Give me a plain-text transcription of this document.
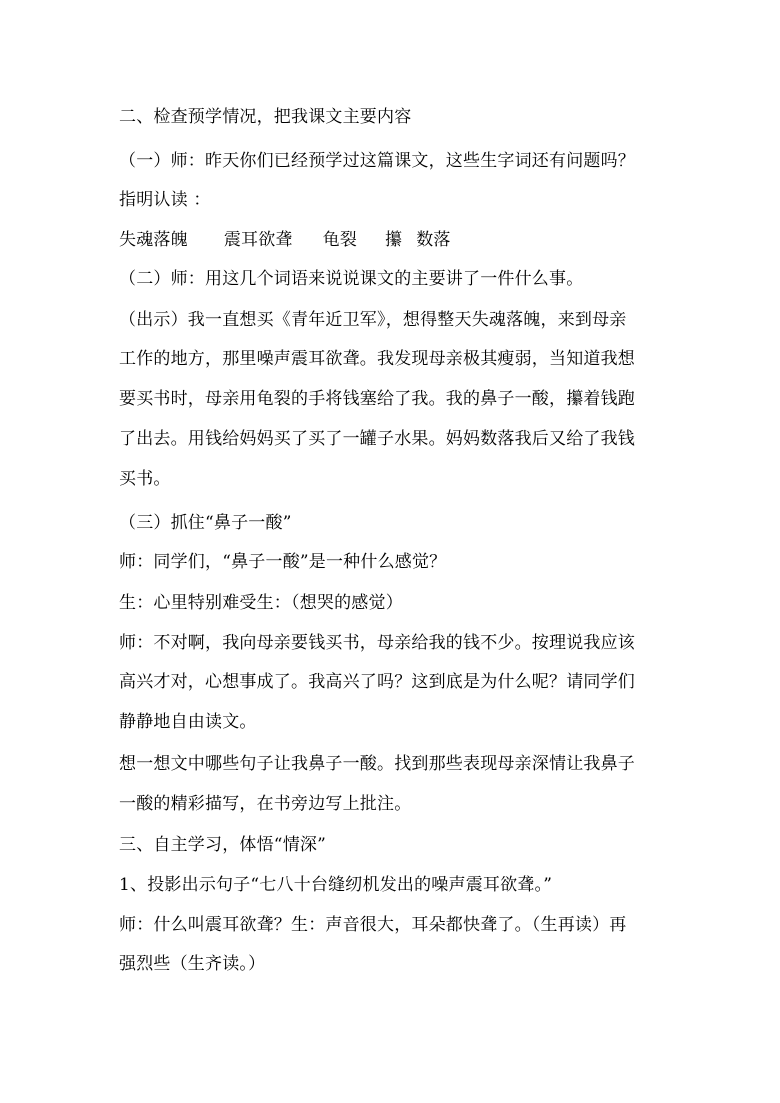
二、检查预学情况，把我课文主要内容
（一）师：昨天你们已经预学过这篇课文，这些生字词还有问题吗？
指明认读 ：
失魂落魄 震耳欲聋 龟裂 攥 数落
（二）师：用这几个词语来说说课文的主要讲了一件什么事。
（出示）我一直想买《青年近卫军》，想得整天失魂落魄，来到母亲
工作的地方，那里噪声震耳欲聋。我发现母亲极其瘦弱，当知道我想
要买书时，母亲用龟裂的手将钱塞给了我。我的鼻子一酸，攥着钱跑
了出去。用钱给妈妈买了买了一罐子水果。妈妈数落我后又给了我钱
买书。
（三）抓住“鼻子一酸”
师：同学们，“鼻子一酸”是一种什么感觉？
生：心里特别难受生：（想哭的感觉）
师：不对啊，我向母亲要钱买书，母亲给我的钱不少。按理说我应该
高兴才对，心想事成了。我高兴了吗？这到底是为什么呢？请同学们
静静地自由读文。
想一想文中哪些句子让我鼻子一酸。找到那些表现母亲深情让我鼻子
一酸的精彩描写，在书旁边写上批注。
三、自主学习，体悟“情深”
1、投影出示句子“七八十台缝纫机发出的噪声震耳欲聋。”
师：什么叫震耳欲聋？生：声音很大，耳朵都快聋了。（生再读）再
强烈些（生齐读。）
